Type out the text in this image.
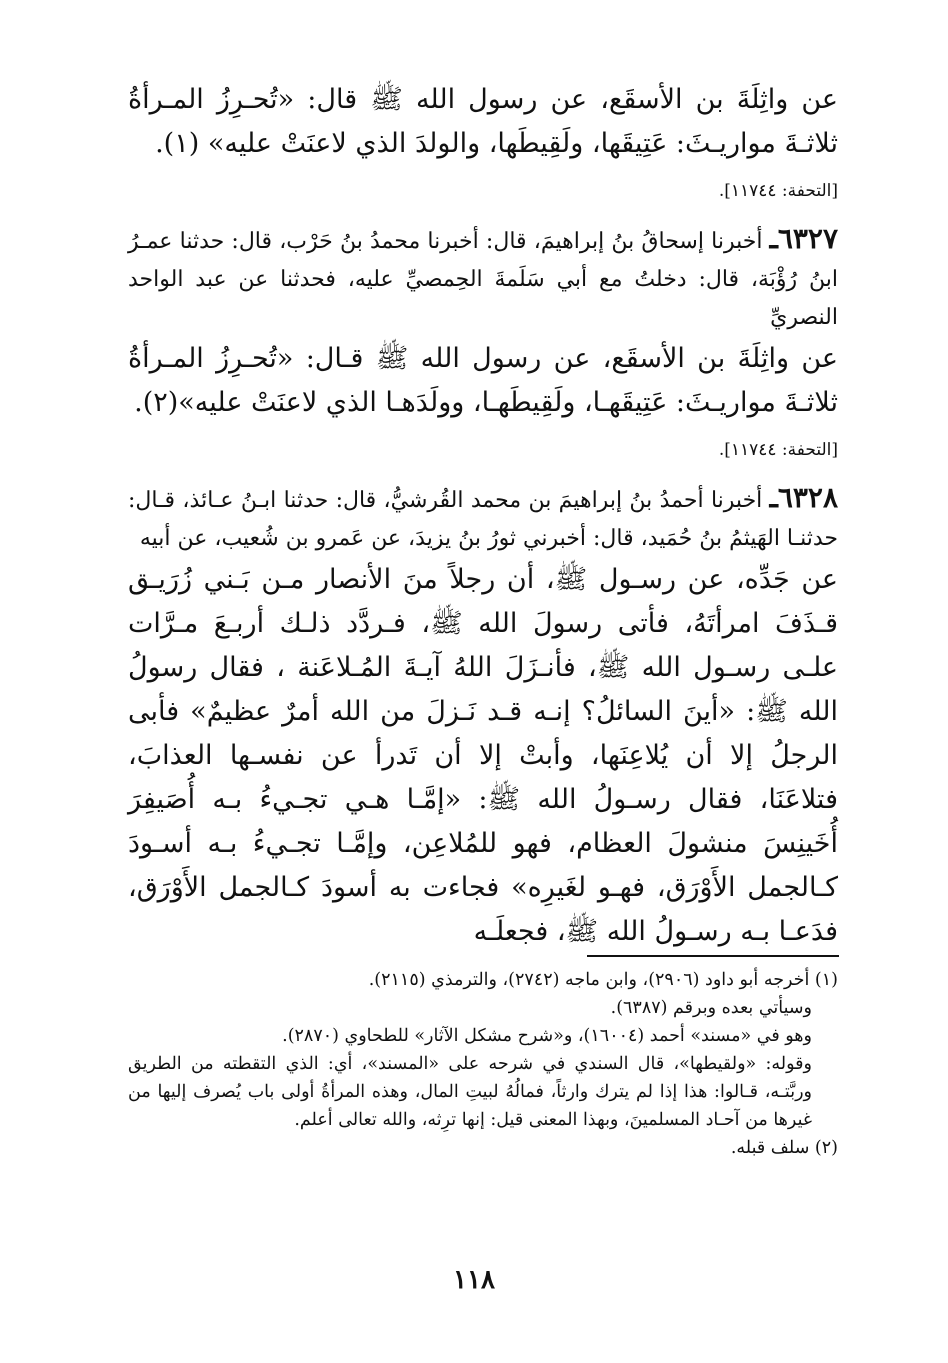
عن واثِلَةَ بن الأسقَع، عن رسول الله ﷺ قال: «تُحـرِزُ المـرأةُ ثلاثـةَ مواريـثَ: عَتِيقَها، ولَقِيطَها، والولدَ الذي لاعنَتْ عليه» (١).

[التحفة: ١١٧٤٤].

٦٣٢٧ـ أخبرنا إسحاقُ بنُ إبراهيمَ، قال: أخبرنا محمدُ بنُ حَرْب، قال: حدثنا عمـرُ ابنُ رُؤْبَة، قال: دخلتُ مع أبي سَلَمةَ الحِمصيِّ عليه، فحدثنا عن عبد الواحد النصريِّ

عن واثِلَةَ بن الأسقَع، عن رسول الله ﷺ قـال: «تُحـرِزُ المـرأةُ ثلاثـةَ مواريـثَ: عَتِيقَهـا، ولَقِيطَهـا، وولَدَهـا الذي لاعنَتْ عليه»(٢).

[التحفة: ١١٧٤٤].

٦٣٢٨ـ أخبرنا أحمدُ بنُ إبراهيمَ بن محمد القُرشيُّ، قال: حدثنا ابـنُ عـائذ، قـال: حدثنـا الهَيثمُ بنُ حُمَيد، قال: أخبرني ثورُ بنُ يزيدَ، عن عَمرو بن شُعيب، عن أبيه

عن جَدِّه، عن رسـول ﷺ، أن رجلاً منَ الأنصار مـن بَـني زُرَيـق قـذَفَ امرأتَهُ، فأتى رسولَ الله ﷺ، فـردَّد ذلـك أربـعَ مـرَّات علـى رسـول الله ﷺ، فأنـزَلَ اللهُ آيـةَ المُـلاعَنة ، فقال رسولُ الله ﷺ: «أينَ السائلُ؟ إنـه قـد نَـزلَ من الله أمرٌ عظيمٌ» فأبى الرجلُ إلا أن يُلاعِنَها، وأبتْ إلا أن تَدرأ عن نفسـها العذابَ، فتلاعَنَا، فقال رسـولُ الله ﷺ: «إمَّـا هـي تجـيءُ بـه أُصَيفِرَ أُخَينِسَ منشولَ العظام، فهو للمُلاعِن، وإمَّـا تجـيءُ بـه أسـودَ كـالجمل الأَوْرَق، فهـو لغَيرِه» فجاءت به أسودَ كـالجمل الأَوْرَق، فدَعـا بـه رسـولُ الله ﷺ، فجعلَـه

(١) أخرجه أبو داود (٢٩٠٦)، وابن ماجه (٢٧٤٢)، والترمذي (٢١١٥).

وسيأتي بعده وبرقم (٦٣٨٧).

وهو في «مسند» أحمد (١٦٠٠٤)، و«شرح مشكل الآثار» للطحاوي (٢٨٧٠).

وقوله: «ولقيطها»، قال السندي في شرحه على «المسند»، أي: الذي التقطته من الطريق وربَّتـه، قـالوا: هذا إذا لم يترك وارثاً، فمالُهُ لبيتِ المال، وهذه المرأةُ أولى باب يُصرف إليها من غيرها من آحـاد المسلمينَ، وبهذا المعنى قيل: إنها ترِثه، والله تعالى أعلم.

(٢) سلف قبله.

١١٨
